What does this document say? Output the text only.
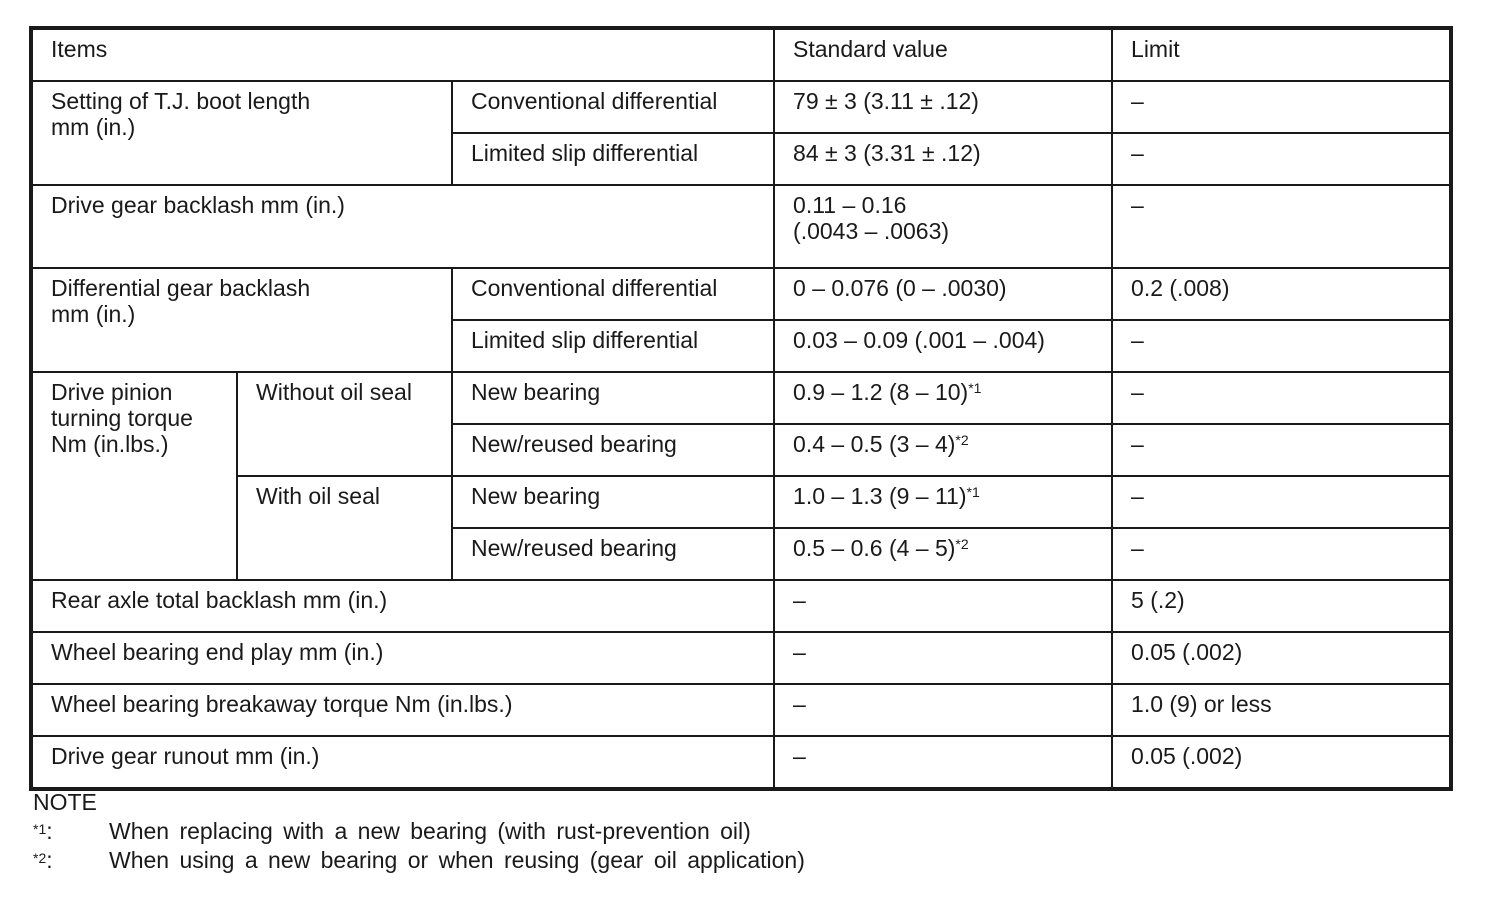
Items			Standard value	Limit

Setting of T.J. boot length
mm (in.)		Conventional differential	79 ± 3 (3.11 ± .12)	–
		Limited slip differential	84 ± 3 (3.31 ± .12)	–
Drive gear backlash mm (in.)			0.11 – 0.16
(.0043 – .0063)	–

Differential gear backlash
mm (in.)		Conventional differential	0 – 0.076 (0 – .0030)	0.2 (.008)
		Limited slip differential	0.03 – 0.09 (.001 – .004)	–

Drive pinion
turning torque
Nm (in.lbs.)	Without oil seal	New bearing	0.9 – 1.2 (8 – 10)$^{*1}$	–
		New/reused bearing	0.4 – 0.5 (3 – 4)$^{*2}$	–
	With oil seal	New bearing	1.0 – 1.3 (9 – 11)$^{*1}$	–
		New/reused bearing	0.5 – 0.6 (4 – 5)$^{*2}$	–
Rear axle total backlash mm (in.)			–	5 (.2)
Wheel bearing end play mm (in.)			–	0.05 (.002)
Wheel bearing breakaway torque Nm (in.lbs.)			–	1.0 (9) or less
Drive gear runout mm (in.)			–	0.05 (.002)
NOTE
$^{*1}$:	When replacing with a new bearing (with rust-prevention oil)
$^{*2}$:	When using a new bearing or when reusing (gear oil application)
